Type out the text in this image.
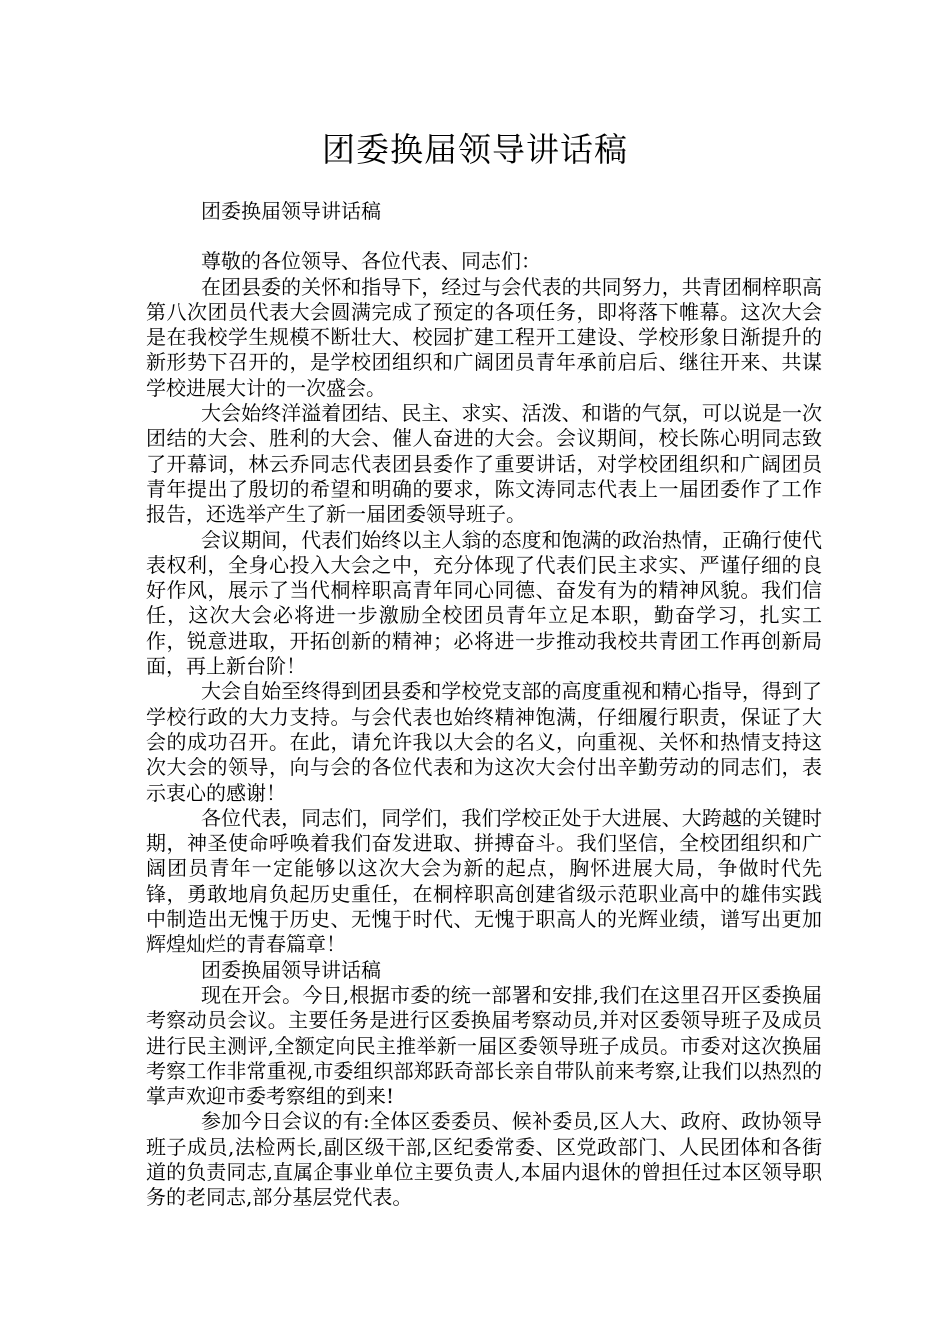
团委换届领导讲话稿

团委换届领导讲话稿

尊敬的各位领导、各位代表、同志们：

在团县委的关怀和指导下，经过与会代表的共同努力，共青团桐梓职高第八次团员代表大会圆满完成了预定的各项任务，即将落下帷幕。这次大会是在我校学生规模不断壮大、校园扩建工程开工建设、学校形象日渐提升的新形势下召开的，是学校团组织和广阔团员青年承前启后、继往开来、共谋学校进展大计的一次盛会。

大会始终洋溢着团结、民主、求实、活泼、和谐的气氛，可以说是一次团结的大会、胜利的大会、催人奋进的大会。会议期间，校长陈心明同志致了开幕词，林云乔同志代表团县委作了重要讲话，对学校团组织和广阔团员青年提出了殷切的希望和明确的要求，陈文涛同志代表上一届团委作了工作报告，还选举产生了新一届团委领导班子。

会议期间，代表们始终以主人翁的态度和饱满的政治热情，正确行使代表权利，全身心投入大会之中，充分体现了代表们民主求实、严谨仔细的良好作风，展示了当代桐梓职高青年同心同德、奋发有为的精神风貌。我们信任，这次大会必将进一步激励全校团员青年立足本职，勤奋学习，扎实工作，锐意进取，开拓创新的精神；必将进一步推动我校共青团工作再创新局面，再上新台阶！

大会自始至终得到团县委和学校党支部的高度重视和精心指导，得到了学校行政的大力支持。与会代表也始终精神饱满，仔细履行职责，保证了大会的成功召开。在此，请允许我以大会的名义，向重视、关怀和热情支持这次大会的领导，向与会的各位代表和为这次大会付出辛勤劳动的同志们，表示衷心的感谢！

各位代表，同志们，同学们，我们学校正处于大进展、大跨越的关键时期，神圣使命呼唤着我们奋发进取、拼搏奋斗。我们坚信，全校团组织和广阔团员青年一定能够以这次大会为新的起点，胸怀进展大局，争做时代先锋，勇敢地肩负起历史重任，在桐梓职高创建省级示范职业高中的雄伟实践中制造出无愧于历史、无愧于时代、无愧于职高人的光辉业绩，谱写出更加辉煌灿烂的青春篇章！

团委换届领导讲话稿

现在开会。今日,根据市委的统一部署和安排,我们在这里召开区委换届考察动员会议。主要任务是进行区委换届考察动员,并对区委领导班子及成员进行民主测评,全额定向民主推举新一届区委领导班子成员。市委对这次换届考察工作非常重视,市委组织部郑跃奇部长亲自带队前来考察,让我们以热烈的掌声欢迎市委考察组的到来!

参加今日会议的有:全体区委委员、候补委员,区人大、政府、政协领导班子成员,法检两长,副区级干部,区纪委常委、区党政部门、人民团体和各街道的负责同志,直属企事业单位主要负责人,本届内退休的曾担任过本区领导职务的老同志,部分基层党代表。
